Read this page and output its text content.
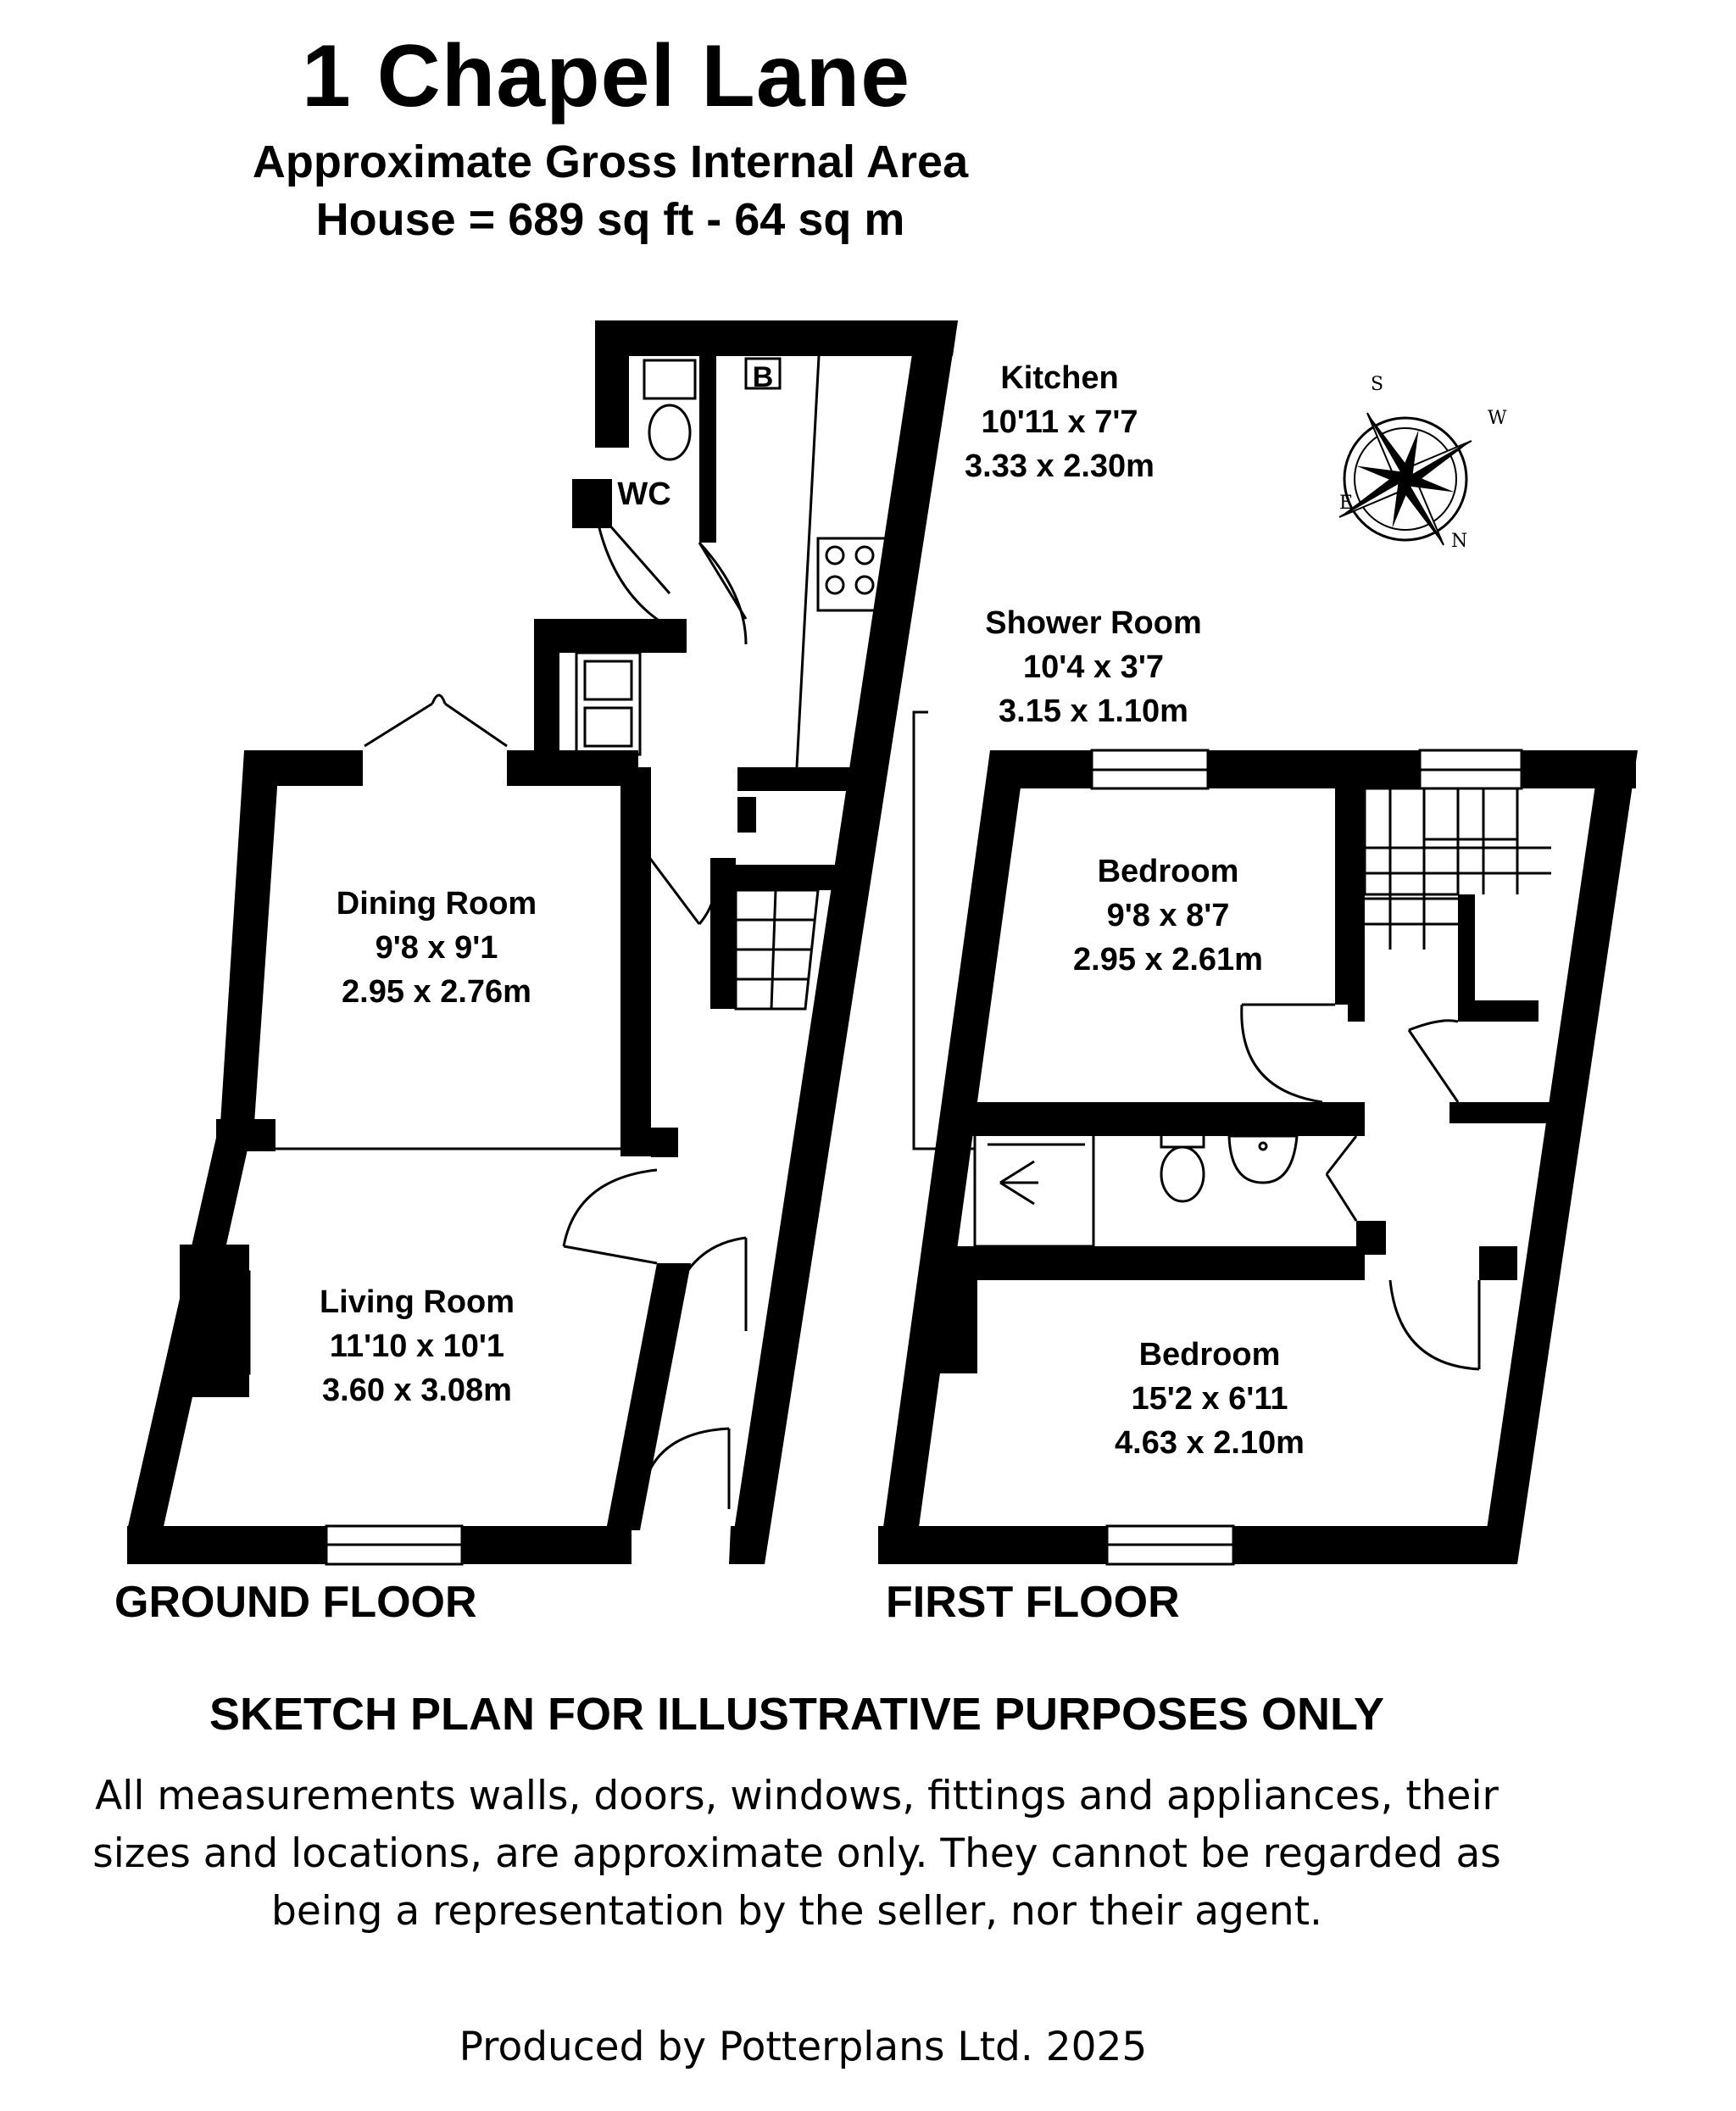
1 Chapel Lane
Approximate Gross Internal Area
House = 689 sq ft - 64 sq m
B	S
W
E
N
Kitchen
10'11 x 7'7
3.33 x 2.30m
WC
Shower Room
10'4 x 3'7
3.15 x 1.10m
Dining Room
9'8 x 9'1
2.95 x 2.76m
Bedroom
9'8 x 8'7
2.95 x 2.61m
Living Room
11'10 x 10'1
3.60 x 3.08m
Bedroom
15'2 x 6'11
4.63 x 2.10m
GROUND FLOOR	FIRST FLOOR
SKETCH PLAN FOR ILLUSTRATIVE PURPOSES ONLY
All measurements walls, doors, windows, fittings and appliances, their
sizes and locations, are approximate only. They cannot be regarded as
being a representation by the seller, nor their agent.
Produced by Potterplans Ltd. 2025
